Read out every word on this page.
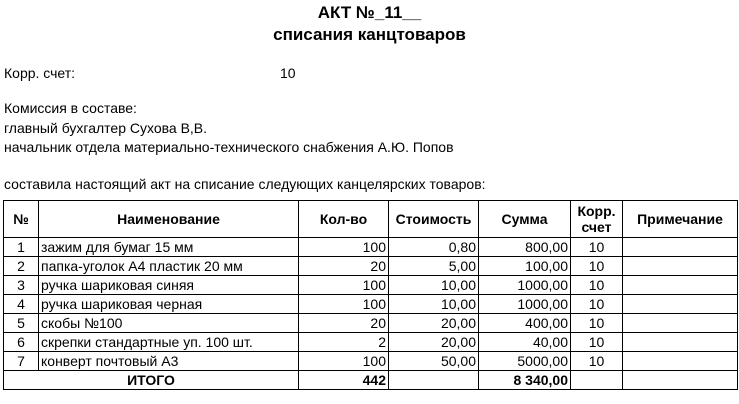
АКТ №_11__
списания канцтоваров
Корр. счет:	10
Комиссия в составе:
главный бухгалтер Сухова В,В.
начальник отдела материально-технического снабжения А.Ю. Попов
составила настоящий акт на списание следующих канцелярских товаров:
№	Наименование	Кол-во	Стоимость	Сумма	Корр. счет	Примечание
1	зажим для бумаг 15 мм	100	0,80	800,00	10	
2	папка-уголок А4 пластик 20 мм	20	5,00	100,00	10	
3	ручка шариковая синяя	100	10,00	1000,00	10	
4	ручка шариковая черная	100	10,00	1000,00	10	
5	скобы №100	20	20,00	400,00	10	
6	скрепки стандартные уп. 100 шт.	2	20,00	40,00	10	
7	конверт почтовый А3	100	50,00	5000,00	10	
ИТОГО		442		8 340,00		
